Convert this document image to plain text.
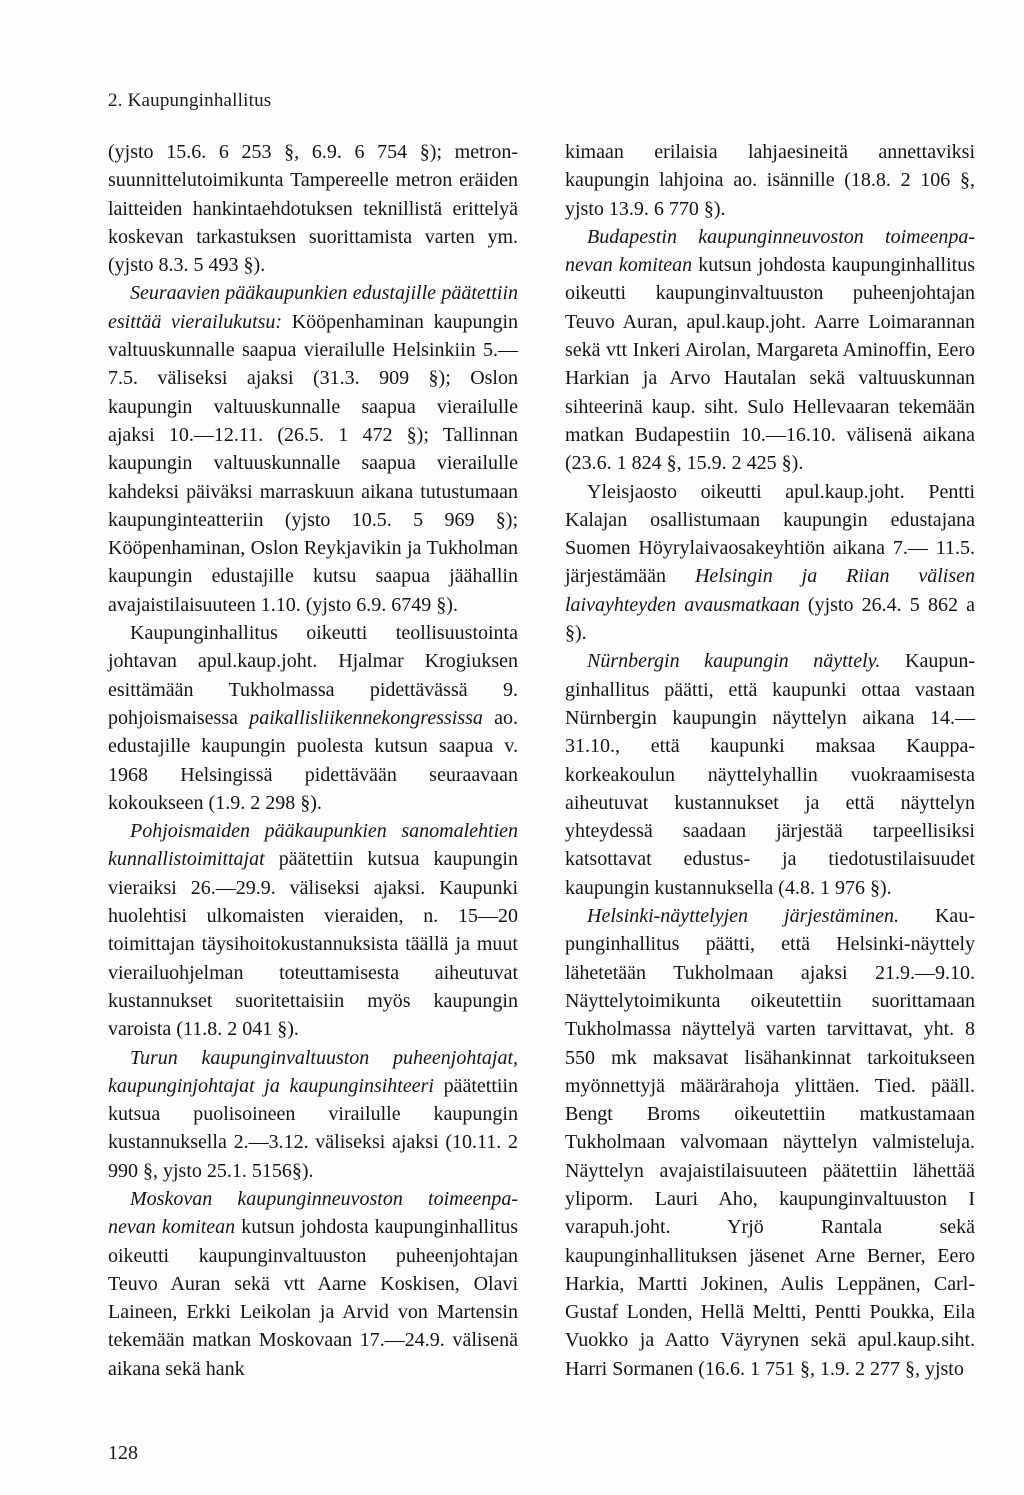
2. Kaupunginhallitus

(yjsto 15.6. 6 253 §, 6.9. 6 754 §); metronsuunnittelutoimikunta Tampereelle metron eräiden laitteiden hankintaehdotuksen teknillistä erittelyä koskevan tarkastuksen suorittamista varten ym. (yjsto 8.3. 5 493 §).

Seuraavien pääkaupunkien edustajille päätettiin esittää vierailukutsu: Kööpenhaminan kaupungin valtuuskunnalle saapua vierailulle Helsinkiin 5.—7.5. väliseksi ajaksi (31.3. 909 §); Oslon kaupungin valtuuskunnalle saapua vierailulle ajaksi 10.—12.11. (26.5. 1 472 §); Tallinnan kaupungin valtuuskunnalle saapua vierailulle kahdeksi päiväksi marraskuun aikana tutustumaan kaupunginteatteriin (yjsto 10.5. 5 969 §); Kööpenhaminan, Oslon Reykjavikin ja Tukholman kaupungin edustajille kutsu saapua jäähallin avajaistilaisuuteen 1.10. (yjsto 6.9. 6749 §).

Kaupunginhallitus oikeutti teollisuustointa johtavan apul.kaup.joht. Hjalmar Krogiuksen esittämään Tukholmassa pidettävässä 9. pohjoismaisessa paikallisliikennekongressissa ao. edustajille kaupungin puolesta kutsun saapua v. 1968 Helsingissä pidettävään seuraavaan kokoukseen (1.9. 2 298 §).

Pohjoismaiden pääkaupunkien sanomalehtien kunnallistoimittajat päätettiin kutsua kaupungin vieraiksi 26.—29.9. väliseksi ajaksi. Kaupunki huolehtisi ulkomaisten vieraiden, n. 15—20 toimittajan täysihoitokustannuksista täällä ja muut vierailuohjelman toteuttamisesta aiheutuvat kustannukset suoritettaisiin myös kaupungin varoista (11.8. 2 041 §).

Turun kaupunginvaltuuston puheenjohtajat, kaupunginjohtajat ja kaupunginsihteeri päätettiin kutsua puolisoineen virailulle kaupungin kustannuksella 2.—3.12. väliseksi ajaksi (10.11. 2 990 §, yjsto 25.1. 5156§).

Moskovan kaupunginneuvoston toimeenpanevan komitean kutsun johdosta kaupunginhallitus oikeutti kaupunginvaltuuston puheenjohtajan Teuvo Auran sekä vtt Aarne Koskisen, Olavi Laineen, Erkki Leikolan ja Arvid von Martensin tekemään matkan Moskovaan 17.—24.9. välisenä aikana sekä hank

kimaan erilaisia lahjaesineitä annettaviksi kaupungin lahjoina ao. isännille (18.8. 2 106 §, yjsto 13.9. 6 770 §).

Budapestin kaupunginneuvoston toimeenpanevan komitean kutsun johdosta kaupunginhallitus oikeutti kaupunginvaltuuston puheenjohtajan Teuvo Auran, apul.kaup.joht. Aarre Loimarannan sekä vtt Inkeri Airolan, Margareta Aminoffin, Eero Harkian ja Arvo Hautalan sekä valtuuskunnan sihteerinä kaup. siht. Sulo Hellevaaran tekemään matkan Budapestiin 10.—16.10. välisenä aikana (23.6. 1 824 §, 15.9. 2 425 §).

Yleisjaosto oikeutti apul.kaup.joht. Pentti Kalajan osallistumaan kaupungin edustajana Suomen Höyrylaivaosakeyhtiön aikana 7.— 11.5. järjestämään Helsingin ja Riian välisen laivayhteyden avausmatkaan (yjsto 26.4. 5 862 a §).

Nürnbergin kaupungin näyttely. Kaupunginhallitus päätti, että kaupunki ottaa vastaan Nürnbergin kaupungin näyttelyn aikana 14.—31.10., että kaupunki maksaa Kauppakorkeakoulun näyttelyhallin vuokraamisesta aiheutuvat kustannukset ja että näyttelyn yhteydessä saadaan järjestää tarpeellisiksi katsottavat edustus- ja tiedotustilaisuudet kaupungin kustannuksella (4.8. 1 976 §).

Helsinki-näyttelyjen järjestäminen. Kaupunginhallitus päätti, että Helsinki-näyttely lähetetään Tukholmaan ajaksi 21.9.—9.10. Näyttelytoimikunta oikeutettiin suorittamaan Tukholmassa näyttelyä varten tarvittavat, yht. 8 550 mk maksavat lisähankinnat tarkoitukseen myönnettyjä määrärahoja ylittäen. Tied. pääll. Bengt Broms oikeutettiin matkustamaan Tukholmaan valvomaan näyttelyn valmisteluja. Näyttelyn avajaistilaisuuteen päätettiin lähettää yliporm. Lauri Aho, kaupunginvaltuuston I varapuh.joht. Yrjö Rantala sekä kaupunginhallituksen jäsenet Arne Berner, Eero Harkia, Martti Jokinen, Aulis Leppänen, Carl-Gustaf Londen, Hellä Meltti, Pentti Poukka, Eila Vuokko ja Aatto Väyrynen sekä apul.kaup.siht. Harri Sormanen (16.6. 1 751 §, 1.9. 2 277 §, yjsto

128
